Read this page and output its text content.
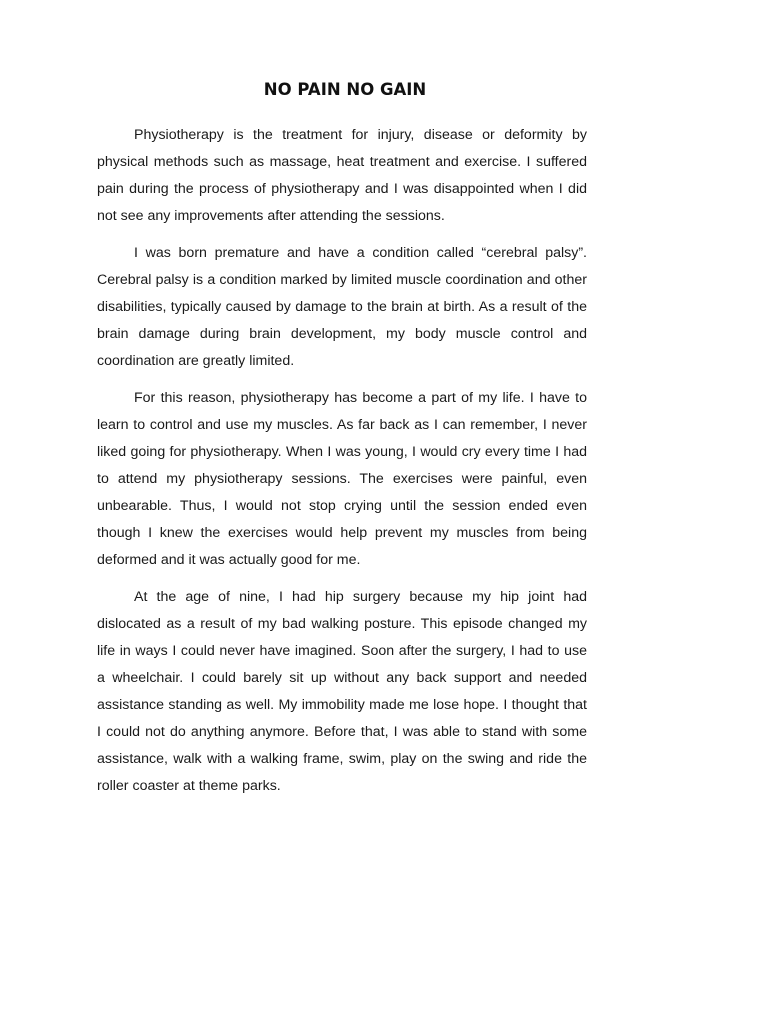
NO PAIN NO GAIN

Physiotherapy is the treatment for injury, disease or deformity by physical methods such as massage, heat treatment and exercise. I suffered pain during the process of physiotherapy and I was disappointed when I did not see any improvements after attending the sessions.

I was born premature and have a condition called “cerebral palsy”. Cerebral palsy is a condition marked by limited muscle coordination and other disabilities, typically caused by damage to the brain at birth. As a result of the brain damage during brain development, my body muscle control and coordination are greatly limited.

For this reason, physiotherapy has become a part of my life. I have to learn to control and use my muscles. As far back as I can remember, I never liked going for physiotherapy. When I was young, I would cry every time I had to attend my physiotherapy sessions. The exercises were painful, even unbearable. Thus, I would not stop crying until the session ended even though I knew the exercises would help prevent my muscles from being deformed and it was actually good for me.

At the age of nine, I had hip surgery because my hip joint had dislocated as a result of my bad walking posture. This episode changed my life in ways I could never have imagined. Soon after the surgery, I had to use a wheelchair. I could barely sit up without any back support and needed assistance standing as well. My immobility made me lose hope. I thought that I could not do anything anymore. Before that, I was able to stand with some assistance, walk with a walking frame, swim, play on the swing and ride the roller coaster at theme parks.
